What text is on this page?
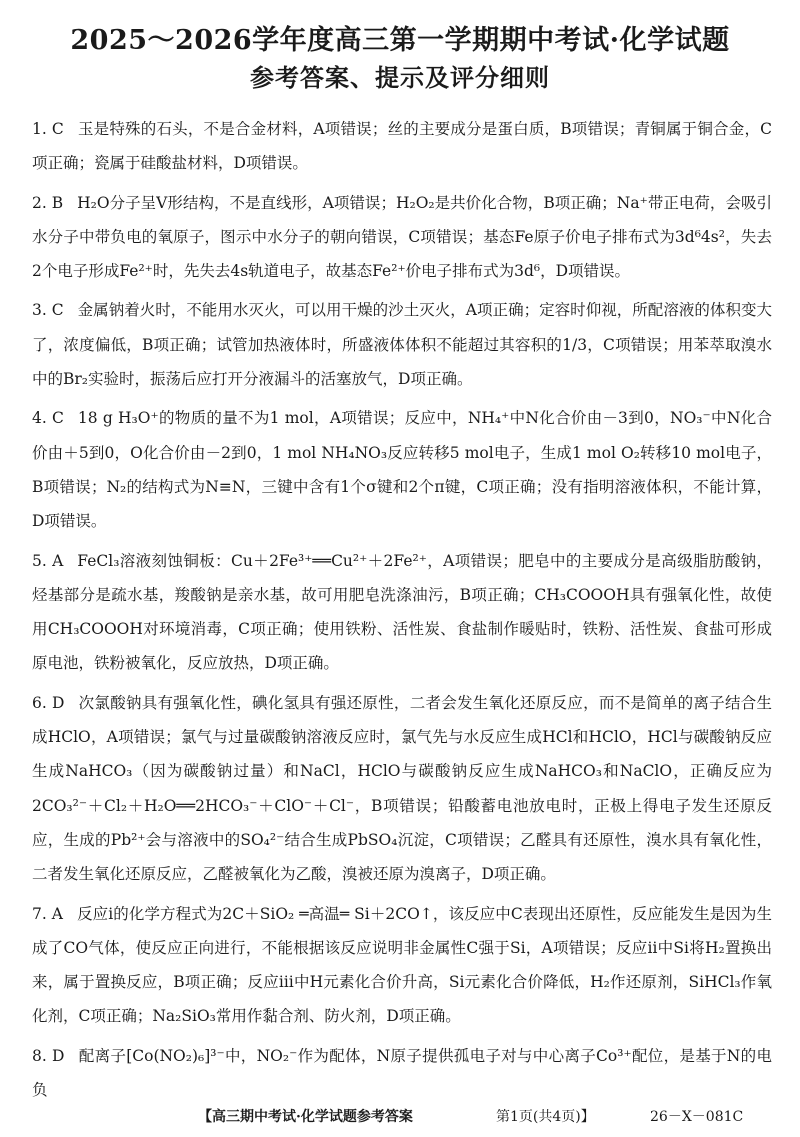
2025～2026学年度高三第一学期期中考试·化学试题
参考答案、提示及评分细则

1. C 玉是特殊的石头，不是合金材料，A项错误；丝的主要成分是蛋白质，B项错误；青铜属于铜合金，C项正确；瓷属于硅酸盐材料，D项错误。

2. B H₂O分子呈V形结构，不是直线形，A项错误；H₂O₂是共价化合物，B项正确；Na⁺带正电荷，会吸引水分子中带负电的氧原子，图示中水分子的朝向错误，C项错误；基态Fe原子价电子排布式为3d⁶4s²，失去2个电子形成Fe²⁺时，先失去4s轨道电子，故基态Fe²⁺价电子排布式为3d⁶，D项错误。

3. C 金属钠着火时，不能用水灭火，可以用干燥的沙土灭火，A项正确；定容时仰视，所配溶液的体积变大了，浓度偏低，B项正确；试管加热液体时，所盛液体体积不能超过其容积的1/3，C项错误；用苯萃取溴水中的Br₂实验时，振荡后应打开分液漏斗的活塞放气，D项正确。

4. C 18 g H₃O⁺的物质的量不为1 mol，A项错误；反应中，NH₄⁺中N化合价由－3到0，NO₃⁻中N化合价由＋5到0，O化合价由－2到0，1 mol NH₄NO₃反应转移5 mol电子，生成1 mol O₂转移10 mol电子，B项错误；N₂的结构式为N≡N，三键中含有1个σ键和2个π键，C项正确；没有指明溶液体积，不能计算，D项错误。

5. A FeCl₃溶液刻蚀铜板：Cu＋2Fe³⁺══Cu²⁺＋2Fe²⁺，A项错误；肥皂中的主要成分是高级脂肪酸钠，烃基部分是疏水基，羧酸钠是亲水基，故可用肥皂洗涤油污，B项正确；CH₃COOOH具有强氧化性，故使用CH₃COOOH对环境消毒，C项正确；使用铁粉、活性炭、食盐制作暖贴时，铁粉、活性炭、食盐可形成原电池，铁粉被氧化，反应放热，D项正确。

6. D 次氯酸钠具有强氧化性，碘化氢具有强还原性，二者会发生氧化还原反应，而不是简单的离子结合生成HClO，A项错误；氯气与过量碳酸钠溶液反应时，氯气先与水反应生成HCl和HClO，HCl与碳酸钠反应生成NaHCO₃（因为碳酸钠过量）和NaCl，HClO与碳酸钠反应生成NaHCO₃和NaClO，正确反应为2CO₃²⁻＋Cl₂＋H₂O══2HCO₃⁻＋ClO⁻＋Cl⁻，B项错误；铅酸蓄电池放电时，正极上得电子发生还原反应，生成的Pb²⁺会与溶液中的SO₄²⁻结合生成PbSO₄沉淀，C项错误；乙醛具有还原性，溴水具有氧化性，二者发生氧化还原反应，乙醛被氧化为乙酸，溴被还原为溴离子，D项正确。

7. A 反应ⅰ的化学方程式为2C＋SiO₂ ═高温═ Si＋2CO↑，该反应中C表现出还原性，反应能发生是因为生成了CO气体，使反应正向进行，不能根据该反应说明非金属性C强于Si，A项错误；反应ⅱ中Si将H₂置换出来，属于置换反应，B项正确；反应ⅲ中H元素化合价升高，Si元素化合价降低，H₂作还原剂，SiHCl₃作氧化剂，C项正确；Na₂SiO₃常用作黏合剂、防火剂，D项正确。

8. D 配离子[Co(NO₂)₆]³⁻中，NO₂⁻作为配体，N原子提供孤电子对与中心离子Co³⁺配位，是基于N的电负

【高三期中考试·化学试题参考答案	第1页(共4页)】	26－X－081C
